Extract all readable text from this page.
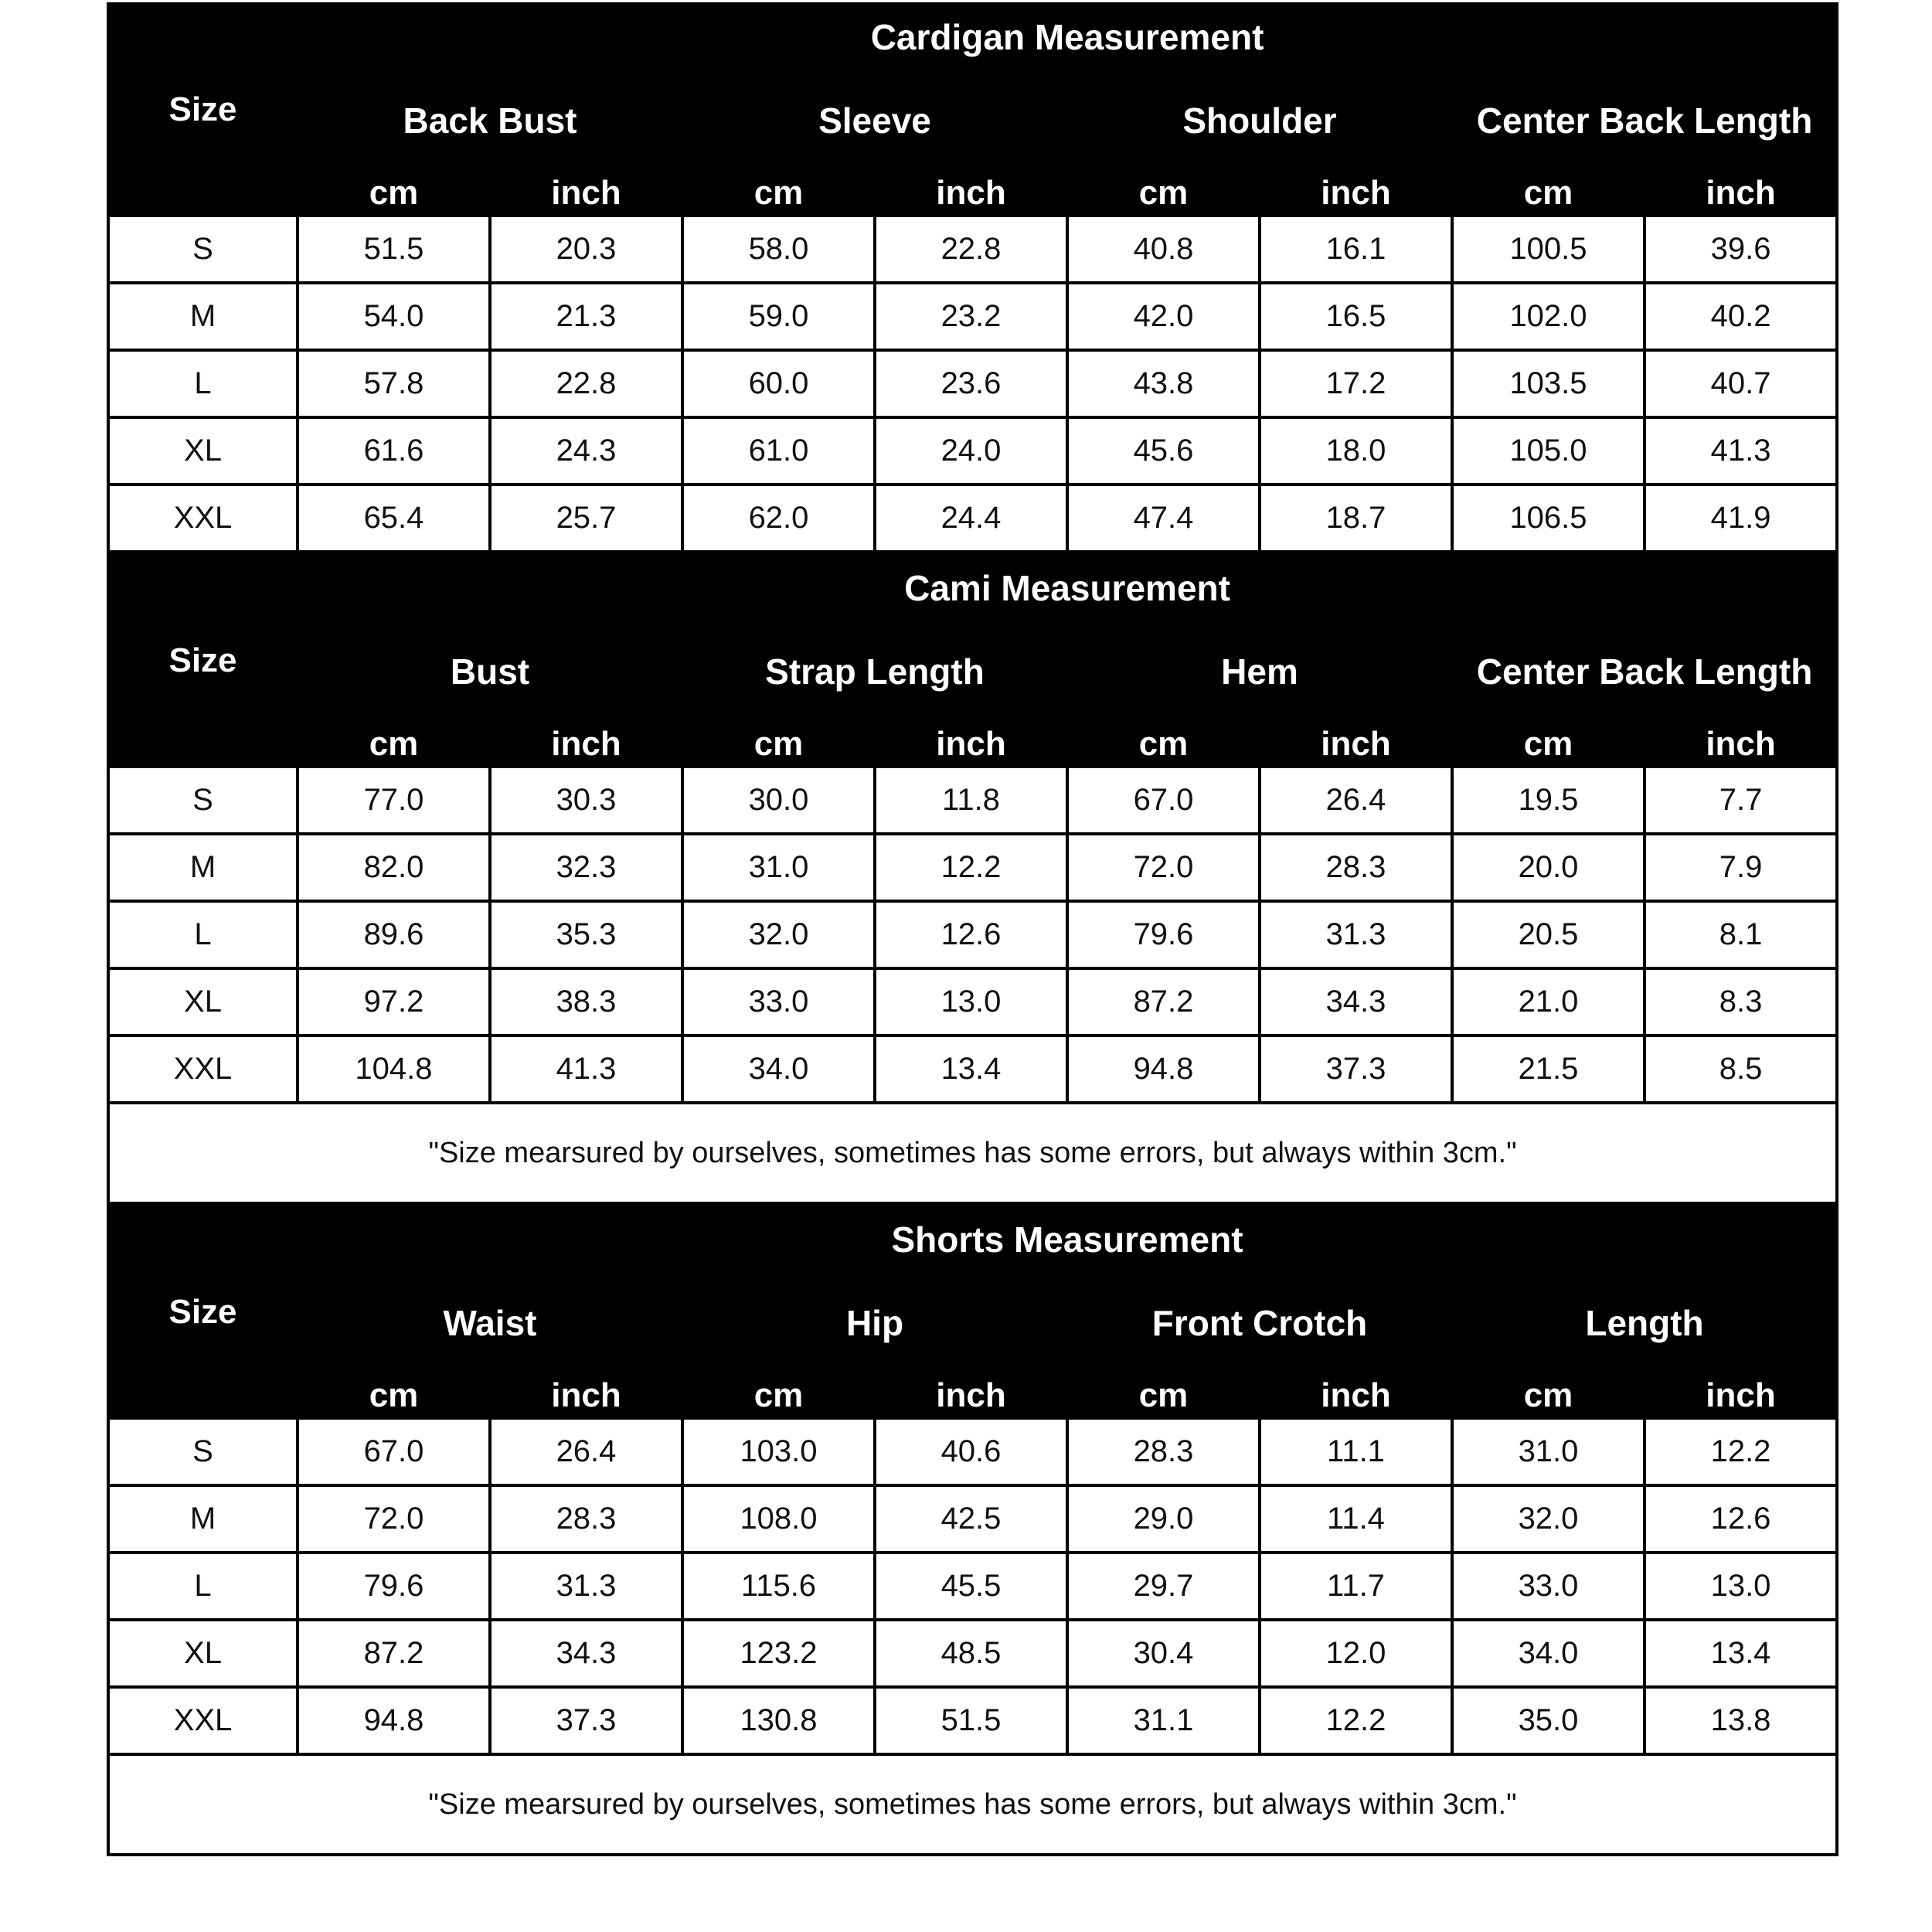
Size	Cardigan Measurement							
	Back Bust		Sleeve		Shoulder		Center Back Length	
	cm	inch	cm	inch	cm	inch	cm	inch
S	51.5	20.3	58.0	22.8	40.8	16.1	100.5	39.6
M	54.0	21.3	59.0	23.2	42.0	16.5	102.0	40.2
L	57.8	22.8	60.0	23.6	43.8	17.2	103.5	40.7
XL	61.6	24.3	61.0	24.0	45.6	18.0	105.0	41.3
XXL	65.4	25.7	62.0	24.4	47.4	18.7	106.5	41.9
Size	Cami Measurement							
	Bust		Strap Length		Hem		Center Back Length	
	cm	inch	cm	inch	cm	inch	cm	inch
S	77.0	30.3	30.0	11.8	67.0	26.4	19.5	7.7
M	82.0	32.3	31.0	12.2	72.0	28.3	20.0	7.9
L	89.6	35.3	32.0	12.6	79.6	31.3	20.5	8.1
XL	97.2	38.3	33.0	13.0	87.2	34.3	21.0	8.3
XXL	104.8	41.3	34.0	13.4	94.8	37.3	21.5	8.5
"Size mearsured by ourselves, sometimes has some errors, but always within 3cm."								
Size	Shorts Measurement							
	Waist		Hip		Front Crotch		Length	
	cm	inch	cm	inch	cm	inch	cm	inch
S	67.0	26.4	103.0	40.6	28.3	11.1	31.0	12.2
M	72.0	28.3	108.0	42.5	29.0	11.4	32.0	12.6
L	79.6	31.3	115.6	45.5	29.7	11.7	33.0	13.0
XL	87.2	34.3	123.2	48.5	30.4	12.0	34.0	13.4
XXL	94.8	37.3	130.8	51.5	31.1	12.2	35.0	13.8
"Size mearsured by ourselves, sometimes has some errors, but always within 3cm."								
